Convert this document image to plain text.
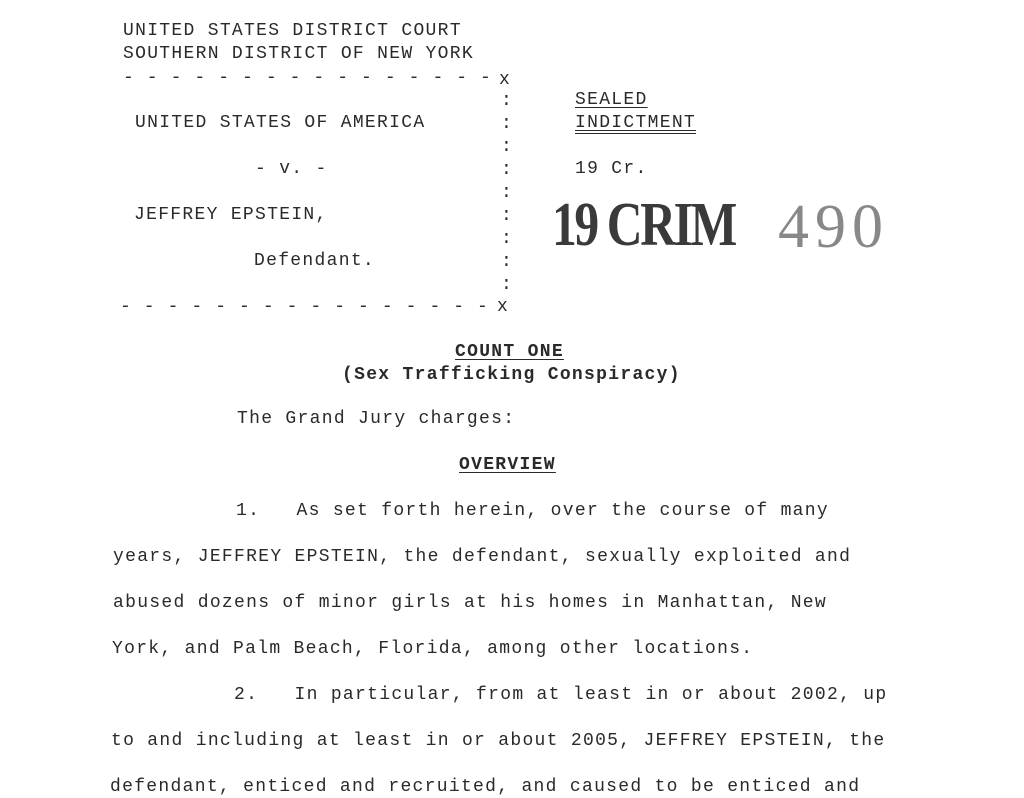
UNITED STATES DISTRICT COURT
SOUTHERN DISTRICT OF NEW YORK
- - - - - - - - - - - - - - - - x
:
:
:
:
:
:
:
:
:
UNITED STATES OF AMERICA
- v. -
JEFFREY EPSTEIN,
Defendant.
- - - - - - - - - - - - - - - - x
SEALED
INDICTMENT
19 Cr.
19 CRIM 490
COUNT ONE
(Sex Trafficking Conspiracy)
The Grand Jury charges:
OVERVIEW
1.   As set forth herein, over the course of many
years, JEFFREY EPSTEIN, the defendant, sexually exploited and
abused dozens of minor girls at his homes in Manhattan, New
York, and Palm Beach, Florida, among other locations.
2.   In particular, from at least in or about 2002, up
to and including at least in or about 2005, JEFFREY EPSTEIN, the
defendant, enticed and recruited, and caused to be enticed and
